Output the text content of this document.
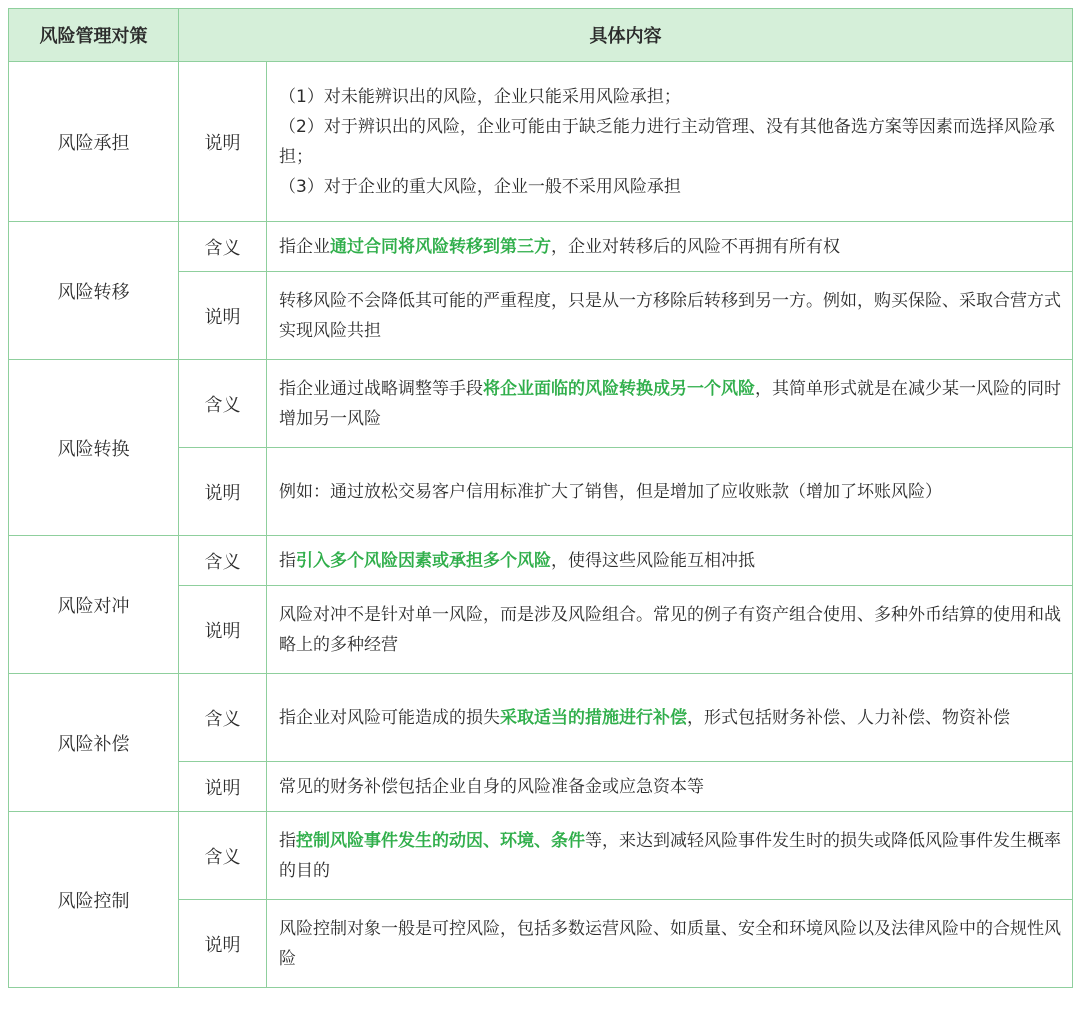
风险管理对策	具体内容	
风险承担	说明	（1）对未能辨识出的风险，企业只能采用风险承担；
（2）对于辨识出的风险，企业可能由于缺乏能力进行主动管理、没有其他备选方案等因素而选择风险承担；
（3）对于企业的重大风险，企业一般不采用风险承担

风险转移	含义	指企业通过合同将风险转移到第三方，企业对转移后的风险不再拥有所有权
	说明	转移风险不会降低其可能的严重程度，只是从一方移除后转移到另一方。例如，购买保险、采取合营方式实现风险共担
风险转换	含义	指企业通过战略调整等手段将企业面临的风险转换成另一个风险，其简单形式就是在减少某一风险的同时增加另一风险
	说明	例如：通过放松交易客户信用标准扩大了销售，但是增加了应收账款（增加了坏账风险）
风险对冲	含义	指引入多个风险因素或承担多个风险，使得这些风险能互相冲抵
	说明	风险对冲不是针对单一风险，而是涉及风险组合。常见的例子有资产组合使用、多种外币结算的使用和战略上的多种经营
风险补偿	含义	指企业对风险可能造成的损失采取适当的措施进行补偿，形式包括财务补偿、人力补偿、物资补偿
	说明	常见的财务补偿包括企业自身的风险准备金或应急资本等
风险控制	含义	指控制风险事件发生的动因、环境、条件等，来达到减轻风险事件发生时的损失或降低风险事件发生概率的目的
	说明	风险控制对象一般是可控风险，包括多数运营风险、如质量、安全和环境风险以及法律风险中的合规性风险
